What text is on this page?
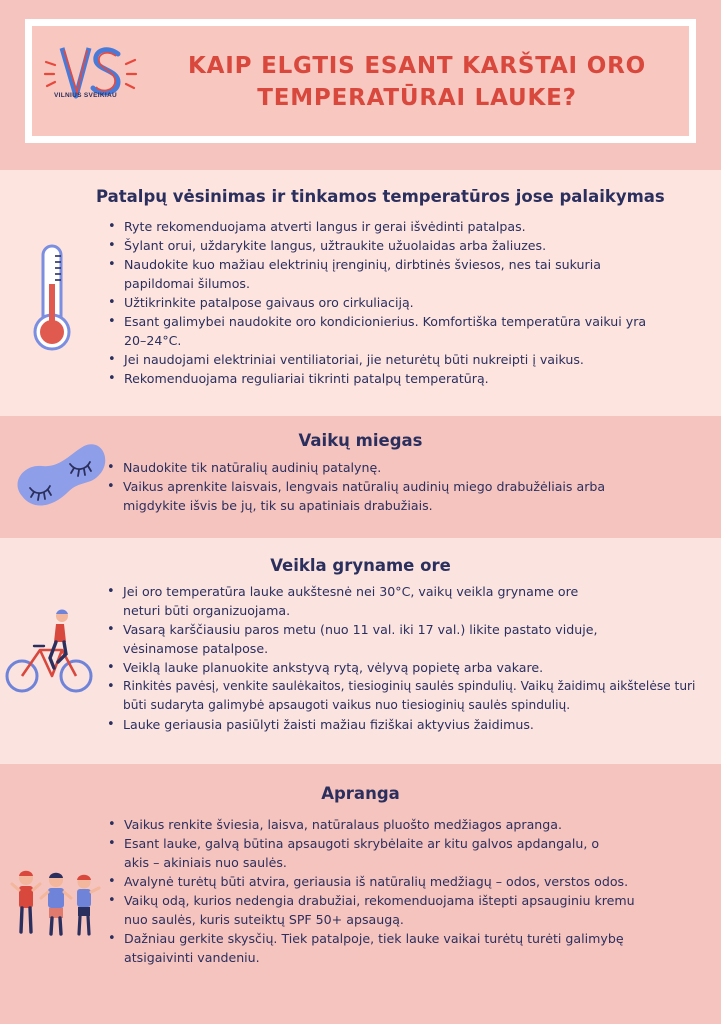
VILNIUS SVEIKIAU
KAIP ELGTIS ESANT KARŠTAI ORO
TEMPERATŪRAI LAUKE?
Patalpų vėsinimas ir tinkamos temperatūros jose palaikymas
• Ryte rekomenduojama atverti langus ir gerai išvėdinti patalpas.
• Šylant orui, uždarykite langus, užtraukite užuolaidas arba žaliuzes.
• Naudokite kuo mažiau elektrinių įrenginių, dirbtinės šviesos, nes tai sukuria papildomai šilumos.
• Užtikrinkite patalpose gaivaus oro cirkuliaciją.
• Esant galimybei naudokite oro kondicionierius. Komfortiška temperatūra vaikui yra 20–24°C.
• Jei naudojami elektriniai ventiliatoriai, jie neturėtų būti nukreipti į vaikus.
• Rekomenduojama reguliariai tikrinti patalpų temperatūrą.
Vaikų miegas
• Naudokite tik natūralių audinių patalynę.
• Vaikus aprenkite laisvais, lengvais natūralių audinių miego drabužėliais arba migdykite išvis be jų, tik su apatiniais drabužiais.
Veikla gryname ore
• Jei oro temperatūra lauke aukštesnė nei 30°C, vaikų veikla gryname ore neturi būti organizuojama.
• Vasarą karščiausiu paros metu (nuo 11 val. iki 17 val.) likite pastato viduje, vėsinamose patalpose.
• Veiklą lauke planuokite ankstyvą rytą, vėlyvą popietę arba vakare.
• Rinkitės pavėsį, venkite saulėkaitos, tiesioginių saulės spindulių. Vaikų žaidimų aikštelėse turi būti sudaryta galimybė apsaugoti vaikus nuo tiesioginių saulės spindulių.
• Lauke geriausia pasiūlyti žaisti mažiau fiziškai aktyvius žaidimus.
Apranga
• Vaikus renkite šviesia, laisva, natūralaus pluošto medžiagos apranga.
• Esant lauke, galvą būtina apsaugoti skrybėlaite ar kitu galvos apdangalu, o akis – akiniais nuo saulės.
• Avalynė turėtų būti atvira, geriausia iš natūralių medžiagų – odos, verstos odos.
• Vaikų odą, kurios nedengia drabužiai, rekomenduojama ištepti apsauginiu kremu nuo saulės, kuris suteiktų SPF 50+ apsaugą.
• Dažniau gerkite skysčių. Tiek patalpoje, tiek lauke vaikai turėtų turėti galimybę atsigaivinti vandeniu.
